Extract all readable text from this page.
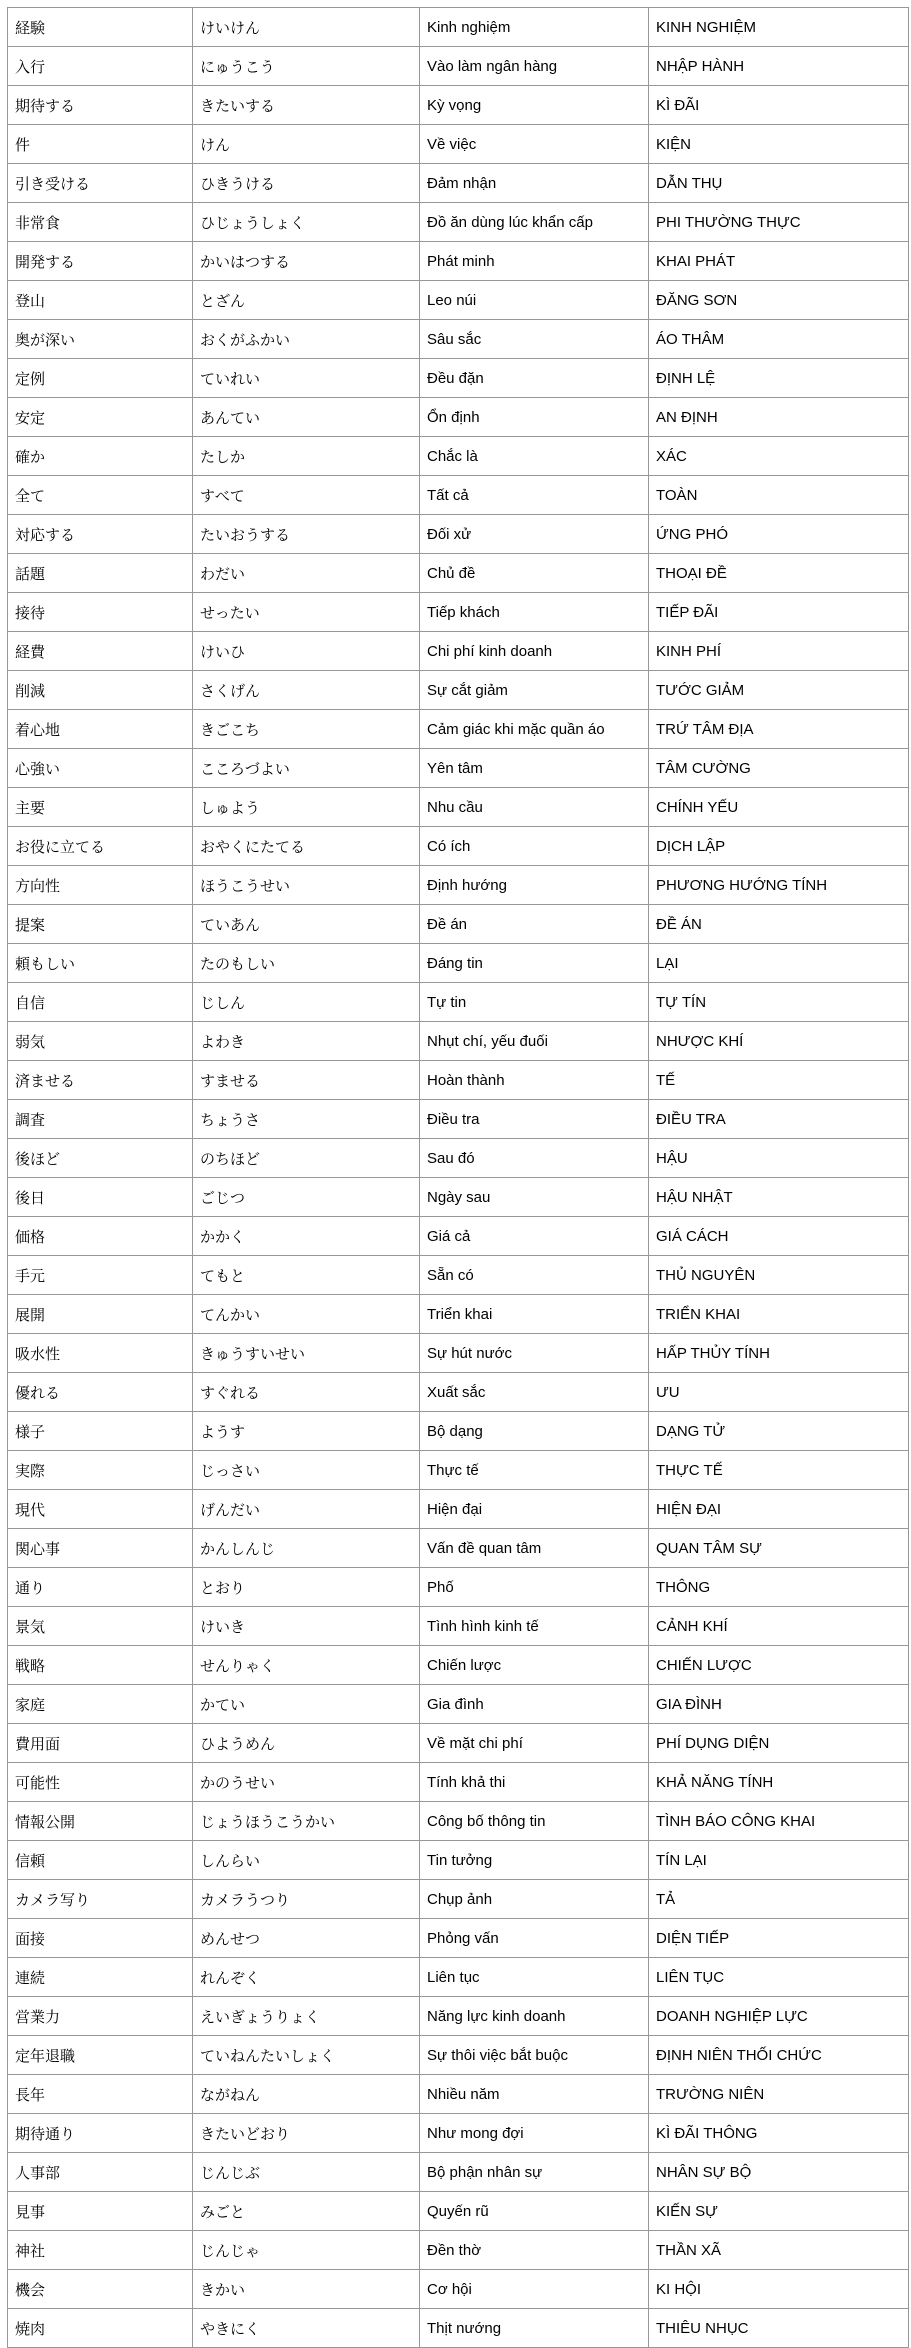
経験	けいけん	Kinh nghiệm	KINH NGHIỆM
入行	にゅうこう	Vào làm ngân hàng	NHẬP HÀNH
期待する	きたいする	Kỳ vọng	KÌ ĐÃI
件	けん	Về việc	KIỆN
引き受ける	ひきうける	Đảm nhận	DẪN THỤ
非常食	ひじょうしょく	Đồ ăn dùng lúc khẩn cấp	PHI THƯỜNG THỰC
開発する	かいはつする	Phát minh	KHAI PHÁT
登山	とざん	Leo núi	ĐĂNG SƠN
奥が深い	おくがふかい	Sâu sắc	ÁO THÂM
定例	ていれい	Đều đặn	ĐỊNH LỆ
安定	あんてい	Ổn định	AN ĐỊNH
確か	たしか	Chắc là	XÁC
全て	すべて	Tất cả	TOÀN
対応する	たいおうする	Đối xử	ỨNG PHÓ
話題	わだい	Chủ đề	THOẠI ĐỀ
接待	せったい	Tiếp khách	TIẾP ĐÃI
経費	けいひ	Chi phí kinh doanh	KINH PHÍ
削減	さくげん	Sự cắt giảm	TƯỚC GIẢM
着心地	きごこち	Cảm giác khi mặc quần áo	TRỨ TÂM ĐỊA
心強い	こころづよい	Yên tâm	TÂM CƯỜNG
主要	しゅよう	Nhu cầu	CHÍNH YẾU
お役に立てる	おやくにたてる	Có ích	DỊCH LẬP
方向性	ほうこうせい	Định hướng	PHƯƠNG HƯỚNG TÍNH
提案	ていあん	Đề án	ĐỀ ÁN
頼もしい	たのもしい	Đáng tin	LẠI
自信	じしん	Tự tin	TỰ TÍN
弱気	よわき	Nhụt chí, yếu đuối	NHƯỢC KHÍ
済ませる	すませる	Hoàn thành	TẾ
調査	ちょうさ	Điều tra	ĐIỀU TRA
後ほど	のちほど	Sau đó	HẬU
後日	ごじつ	Ngày sau	HẬU NHẬT
価格	かかく	Giá cả	GIÁ CÁCH
手元	てもと	Sẵn có	THỦ NGUYÊN
展開	てんかい	Triển khai	TRIỂN KHAI
吸水性	きゅうすいせい	Sự hút nước	HẤP THỦY TÍNH
優れる	すぐれる	Xuất sắc	ƯU
様子	ようす	Bộ dạng	DẠNG TỬ
実際	じっさい	Thực tế	THỰC TẾ
現代	げんだい	Hiện đại	HIỆN ĐẠI
関心事	かんしんじ	Vấn đề quan tâm	QUAN TÂM SỰ
通り	とおり	Phố	THÔNG
景気	けいき	Tình hình kinh tế	CẢNH KHÍ
戦略	せんりゃく	Chiến lược	CHIẾN LƯỢC
家庭	かてい	Gia đình	GIA ĐÌNH
費用面	ひようめん	Về mặt chi phí	PHÍ DỤNG DIỆN
可能性	かのうせい	Tính khả thi	KHẢ NĂNG TÍNH
情報公開	じょうほうこうかい	Công bố thông tin	TÌNH BÁO CÔNG KHAI
信頼	しんらい	Tin tưởng	TÍN LẠI
カメラ写り	カメラうつり	Chụp ảnh	TẢ
面接	めんせつ	Phỏng vấn	DIỆN TIẾP
連続	れんぞく	Liên tục	LIÊN TỤC
営業力	えいぎょうりょく	Năng lực kinh doanh	DOANH NGHIỆP LỰC
定年退職	ていねんたいしょく	Sự thôi việc bắt buộc	ĐỊNH NIÊN THỐI CHỨC
長年	ながねん	Nhiều năm	TRƯỜNG NIÊN
期待通り	きたいどおり	Như mong đợi	KÌ ĐÃI THÔNG
人事部	じんじぶ	Bộ phận nhân sự	NHÂN SỰ BỘ
見事	みごと	Quyến rũ	KIẾN SỰ
神社	じんじゃ	Đền thờ	THẦN XÃ
機会	きかい	Cơ hội	KI HỘI
焼肉	やきにく	Thịt nướng	THIÊU NHỤC
